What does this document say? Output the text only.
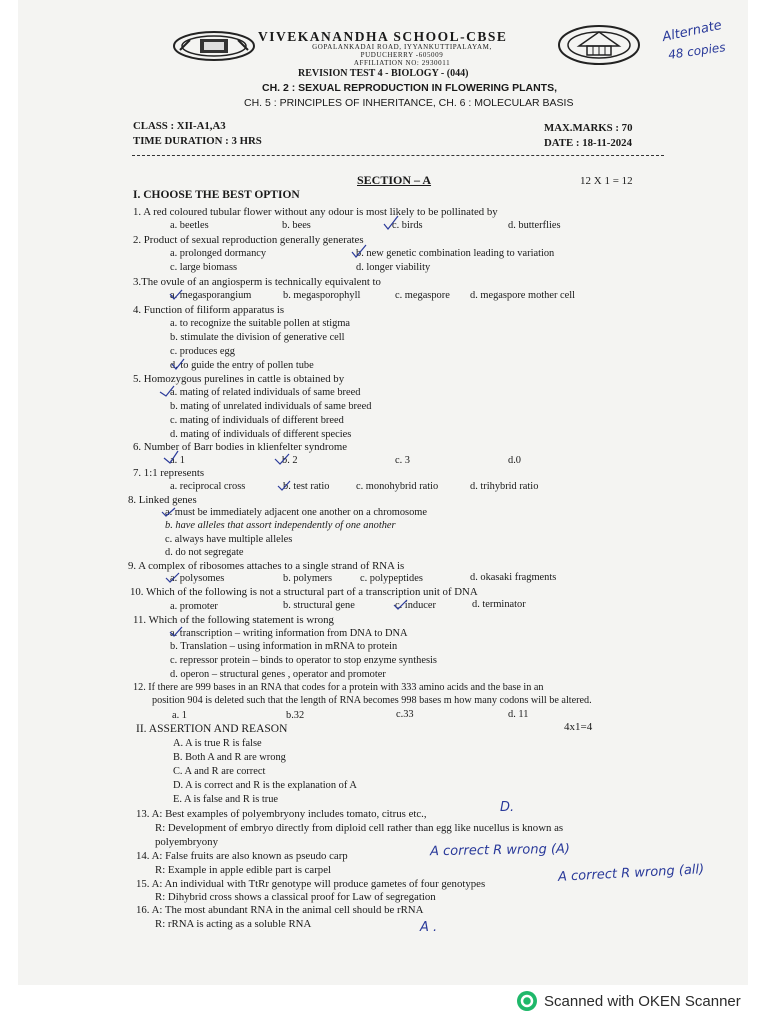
VIVEKANANDHA SCHOOL-CBSE
GOPALANKADAI ROAD, IYYANKUTTIPALAYAM,
PUDUCHERRY -605009
AFFILIATION NO: 2930011
Alternate
48 copies
REVISION TEST 4 - BIOLOGY - (044)
CH. 2 : SEXUAL REPRODUCTION IN FLOWERING PLANTS,
CH. 5 : PRINCIPLES OF INHERITANCE, CH. 6 : MOLECULAR BASIS
CLASS : XII-A1,A3
TIME DURATION : 3 HRS
MAX.MARKS : 70
DATE : 18-11-2024
SECTION – A	12 X 1 = 12
I. CHOOSE THE BEST OPTION
1. A red coloured tubular flower without any odour is most likely to be pollinated by
a. beetles	b. bees	c. birds	d. butterflies
2. Product of sexual reproduction generally generates
a. prolonged dormancy	b. new genetic combination leading to variation
c. large biomass	d. longer viability
3.The ovule of an angiosperm is technically equivalent to
a. megasporangium	b. megasporophyll	c. megaspore d. megaspore mother cell
4. Function of filiform apparatus is
a. to recognize the suitable pollen at stigma
b. stimulate the division of generative cell
c. produces egg
d. to guide the entry of pollen tube
5. Homozygous purelines in cattle is obtained by
a. mating of related individuals of same breed
b. mating of unrelated individuals of same breed
c. mating of individuals of different breed
d. mating of individuals of different species
6. Number of Barr bodies in klienfelter syndrome
a. 1	b. 2	c. 3	d.0
7. 1:1 represents
a. reciprocal cross	b. test ratio	c. monohybrid ratio	d. trihybrid ratio
8. Linked genes
a. must be immediately adjacent one another on a chromosome
b. have alleles that assort independently of one another
c. always have multiple alleles
d. do not segregate
9. A complex of ribosomes attaches to a single strand of RNA is
a. polysomes	b. polymers	c. polypeptides	d. okasaki fragments
10. Which of the following is not a structural part of a transcription unit of DNA
a. promoter	b. structural gene	c. inducer	d. terminator
11. Which of the following statement is wrong
a. transcription – writing information from DNA to DNA
b. Translation – using information in mRNA to protein
c. repressor protein – binds to operator to stop enzyme synthesis
d. operon – structural genes , operator and promoter
12. If there are 999 bases in an RNA that codes for a protein with 333 amino acids and the base in an
position 904 is deleted such that the length of RNA becomes 998 bases m how many codons will be altered.
a. 1	b.32	c.33	d. 11
II. ASSERTION AND REASON	4x1=4
A. A is true R is false
B. Both A and R are wrong
C. A and R are correct
D. A is correct and R is the explanation of A
E. A is false and R is true
13. A: Best examples of polyembryony includes tomato, citrus etc.,	D.
R: Development of embryo directly from diploid cell rather than egg like nucellus is known as
polyembryony
14. A: False fruits are also known as pseudo carp	A correct R wrong (A)
R: Example in apple edible part is carpel
15. A: An individual with TtRr genotype will produce gametes of four genotypes	A correct R wrong (all)
R: Dihybrid cross shows a classical proof for Law of segregation
16. A: The most abundant RNA in the animal cell should be rRNA
R: rRNA is acting as a soluble RNA	A .
Scanned with OKEN Scanner
